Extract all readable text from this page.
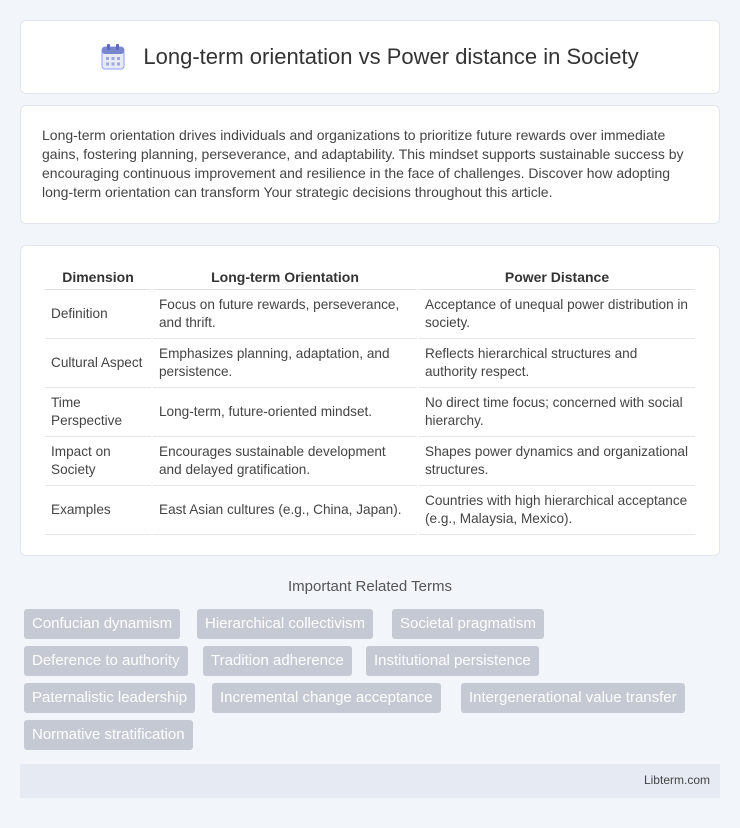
Long-term orientation vs Power distance in Society

Long-term orientation drives individuals and organizations to prioritize future rewards over immediate gains, fostering planning, perseverance, and adaptability. This mindset supports sustainable success by encouraging continuous improvement and resilience in the face of challenges. Discover how adopting long-term orientation can transform Your strategic decisions throughout this article.

Dimension	Long-term Orientation	Power Distance
Definition	Focus on future rewards, perseverance, and thrift.	Acceptance of unequal power distribution in society.
Cultural Aspect	Emphasizes planning, adaptation, and persistence.	Reflects hierarchical structures and authority respect.
Time Perspective	Long-term, future-oriented mindset.	No direct time focus; concerned with social hierarchy.
Impact on Society	Encourages sustainable development and delayed gratification.	Shapes power dynamics and organizational structures.
Examples	East Asian cultures (e.g., China, Japan).	Countries with high hierarchical acceptance (e.g., Malaysia, Mexico).
Important Related Terms
Confucian dynamism	Hierarchical collectivism	Societal pragmatism
Deference to authority	Tradition adherence	Institutional persistence
Paternalistic leadership	Incremental change acceptance	Intergenerational value transfer
Normative stratification
Libterm.com
